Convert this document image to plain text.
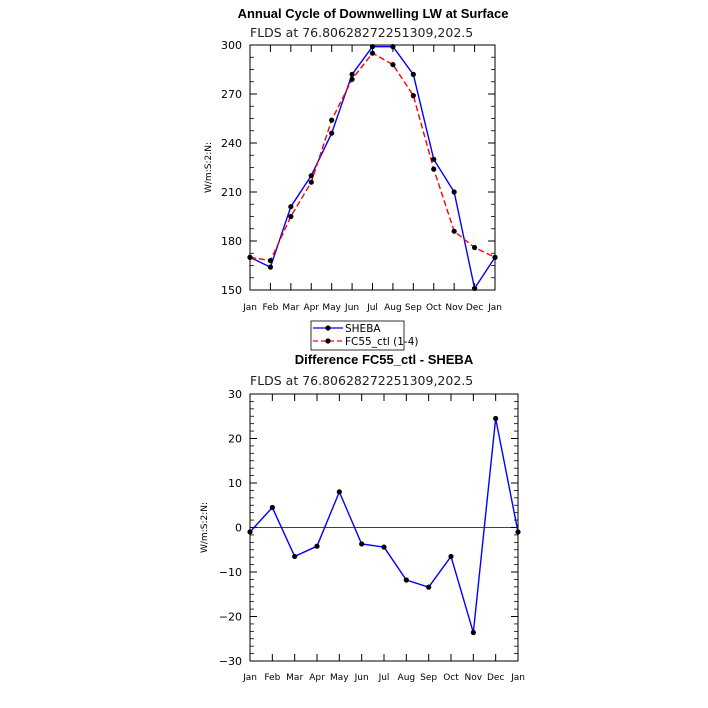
Annual Cycle of Downwelling LW at Surface
FLDS at 76.80628272251309,202.5
150
180
210
240
270
300
Jan Feb Mar Apr May Jun Jul Aug Sep Oct Nov Dec Jan
W/m:S:2:N:
SHEBA
FC55_ctl (1-4)
Difference FC55_ctl - SHEBA
FLDS at 76.80628272251309,202.5
−30
−20
−10
0
10
20
30
Jan Feb Mar Apr May Jun Jul Aug Sep Oct Nov Dec Jan
W/m:S:2:N:
